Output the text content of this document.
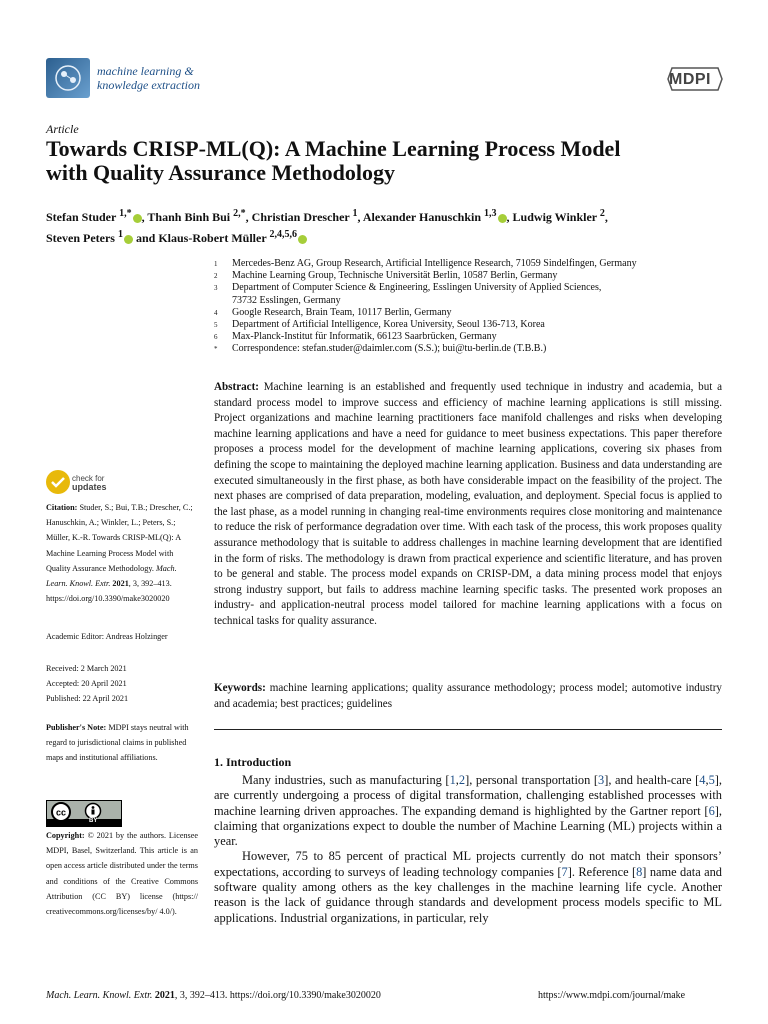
machine learning &
knowledge extraction	MDPI
Article
Towards CRISP-ML(Q): A Machine Learning Process Model
with Quality Assurance Methodology
Stefan Studer $^{1,*}$ , Thanh Binh Bui $^{2,*}$, Christian Drescher $^1$, Alexander Hanuschkin $^{1,3}$ , Ludwig Winkler $^2$,
Steven Peters $^1$ and Klaus-Robert Müller $^{2,4,5,6}$
1	Mercedes-Benz AG, Group Research, Artificial Intelligence Research, 71059 Sindelfingen, Germany
2	Machine Learning Group, Technische Universität Berlin, 10587 Berlin, Germany
3	Department of Computer Science & Engineering, Esslingen University of Applied Sciences,
73732 Esslingen, Germany
4	Google Research, Brain Team, 10117 Berlin, Germany
5	Department of Artificial Intelligence, Korea University, Seoul 136-713, Korea
6	Max-Planck-Institut für Informatik, 66123 Saarbrücken, Germany
*	Correspondence: stefan.studer@daimler.com (S.S.); bui@tu-berlin.de (T.B.B.)
Abstract: Machine learning is an established and frequently used technique in industry and academia, but a standard process model to improve success and efficiency of machine learning applications is still missing. Project organizations and machine learning practitioners face manifold challenges and risks when developing machine learning applications and have a need for guidance to meet business expectations. This paper therefore proposes a process model for the development of machine learning applications, covering six phases from defining the scope to maintaining the deployed machine learning application. Business and data understanding are executed simultaneously in the first phase, as both have considerable impact on the feasibility of the project. The next phases are comprised of data preparation, modeling, evaluation, and deployment. Special focus is applied to the last phase, as a model running in changing real-time environments requires close monitoring and maintenance to reduce the risk of performance degradation over time. With each task of the process, this work proposes quality assurance methodology that is suitable to address challenges in machine learning development that are identified in the form of risks. The methodology is drawn from practical experience and scientific literature, and has proven to be general and stable. The process model expands on CRISP-DM, a data mining process model that enjoys strong industry support, but fails to address machine learning specific tasks. The presented work proposes an industry- and application-neutral process model tailored for machine learning applications with a focus on technical tasks for quality assurance.
Keywords: machine learning applications; quality assurance methodology; process model; automotive industry and academia; best practices; guidelines
1. Introduction

Many industries, such as manufacturing [1,2], personal transportation [3], and health-care [4,5], are currently undergoing a process of digital transformation, challenging established processes with machine learning driven approaches. The expanding demand is highlighted by the Gartner report [6], claiming that organizations expect to double the number of Machine Learning (ML) projects within a year.

However, 75 to 85 percent of practical ML projects currently do not match their sponsors’ expectations, according to surveys of leading technology companies [7]. Reference [8] name data and software quality among others as the key challenges in the machine learning life cycle. Another reason is the lack of guidance through standards and development process models specific to ML applications. Industrial organizations, in particular, rely

check for
updates
Citation: Studer, S.; Bui, T.B.; Drescher, C.; Hanuschkin, A.; Winkler, L.; Peters, S.; Müller, K.-R. Towards CRISP-ML(Q): A Machine Learning Process Model with Quality Assurance Methodology. Mach. Learn. Knowl. Extr. 2021, 3, 392–413. https://doi.org/10.3390/make3020020
Academic Editor: Andreas Holzinger
Received: 2 March 2021
Accepted: 20 April 2021
Published: 22 April 2021
Publisher's Note: MDPI stays neutral with regard to jurisdictional claims in published maps and institutional affiliations.
cc
BY
Copyright: © 2021 by the authors. Licensee MDPI, Basel, Switzerland. This article is an open access article distributed under the terms and conditions of the Creative Commons Attribution (CC BY) license (https:// creativecommons.org/licenses/by/ 4.0/).
Mach. Learn. Knowl. Extr. 2021, 3, 392–413. https://doi.org/10.3390/make3020020	https://www.mdpi.com/journal/make
